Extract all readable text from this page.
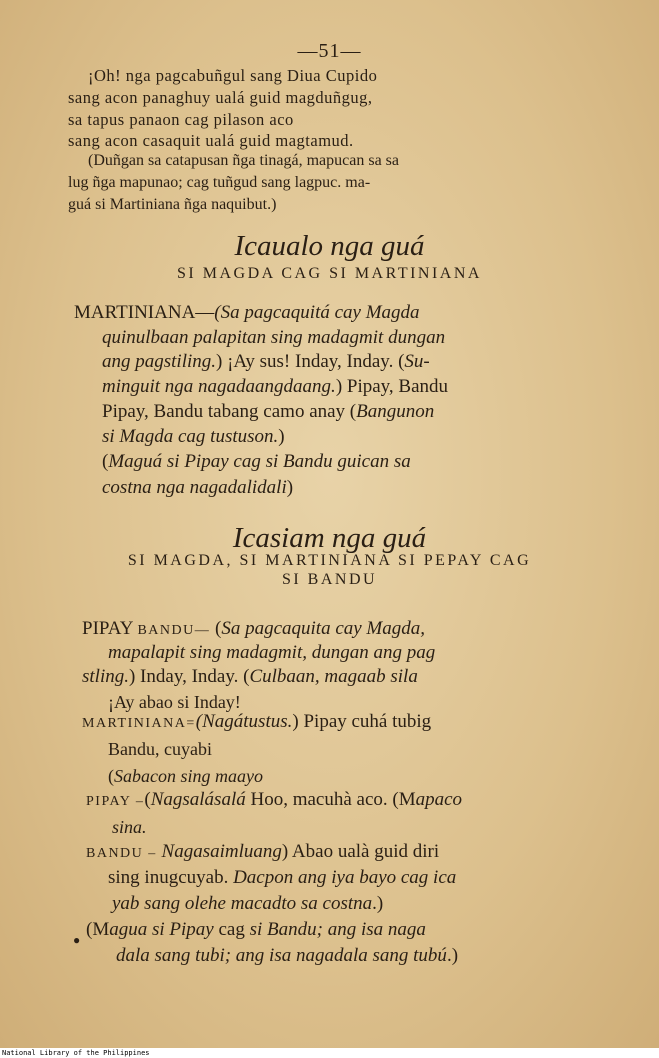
—51—
¡Oh! nga pagcabuñgul sang Diua Cupido
sang acon panaghuy ualá guid magduñgug,
sa tapus panaon cag pilason aco
sang acon casaquit ualá guid magtamud.
(Duñgan sa catapusan ñga tinagá, mapucan sa sa
lug ñga mapunao; cag tuñgud sang lagpuc. ma-
guá si Martiniana ñga naquibut.)
Icaualo nga guá
SI MAGDA CAG SI MARTINIANA
MARTINIANA—(Sa pagcaquitá cay Magda
quinulbaan palapitan sing madagmit dungan
ang pagstiling.) ¡Ay sus! Inday, Inday. (Su-
minguit nga nagadaangdaang.) Pipay, Bandu
Pipay, Bandu tabang camo anay (Bangunon
si Magda cag tustuson.)
(Maguá si Pipay cag si Bandu guican sa
costna nga nagadalidali)
Icasiam nga guá
SI MAGDA, SI MARTINIANA SI PEPAY CAG
SI BANDU
PIPAY BANDU— (Sa pagcaquita cay Magda,
mapalapit sing madagmit, dungan ang pag
stling.) Inday, Inday. (Culbaan, magaab sila
¡Ay abao si Inday!
MARTINIANA=(Nagátustus.) Pipay cuhá tubig
Bandu, cuyabi
(Sabacon sing maayo
PIPAY –(Nagsalásalá Hoo, macuhà aco. (Mapaco
sina.
BANDU – Nagasaimluang) Abao ualà guid diri
sing inugcuyab. Dacpon ang iya bayo cag ica
yab sang olehe macadto sa costna.)
● (Magua si Pipay cag si Bandu; ang isa naga
dala sang tubi; ang isa nagadala sang tubú.)
National Library of the Philippines
